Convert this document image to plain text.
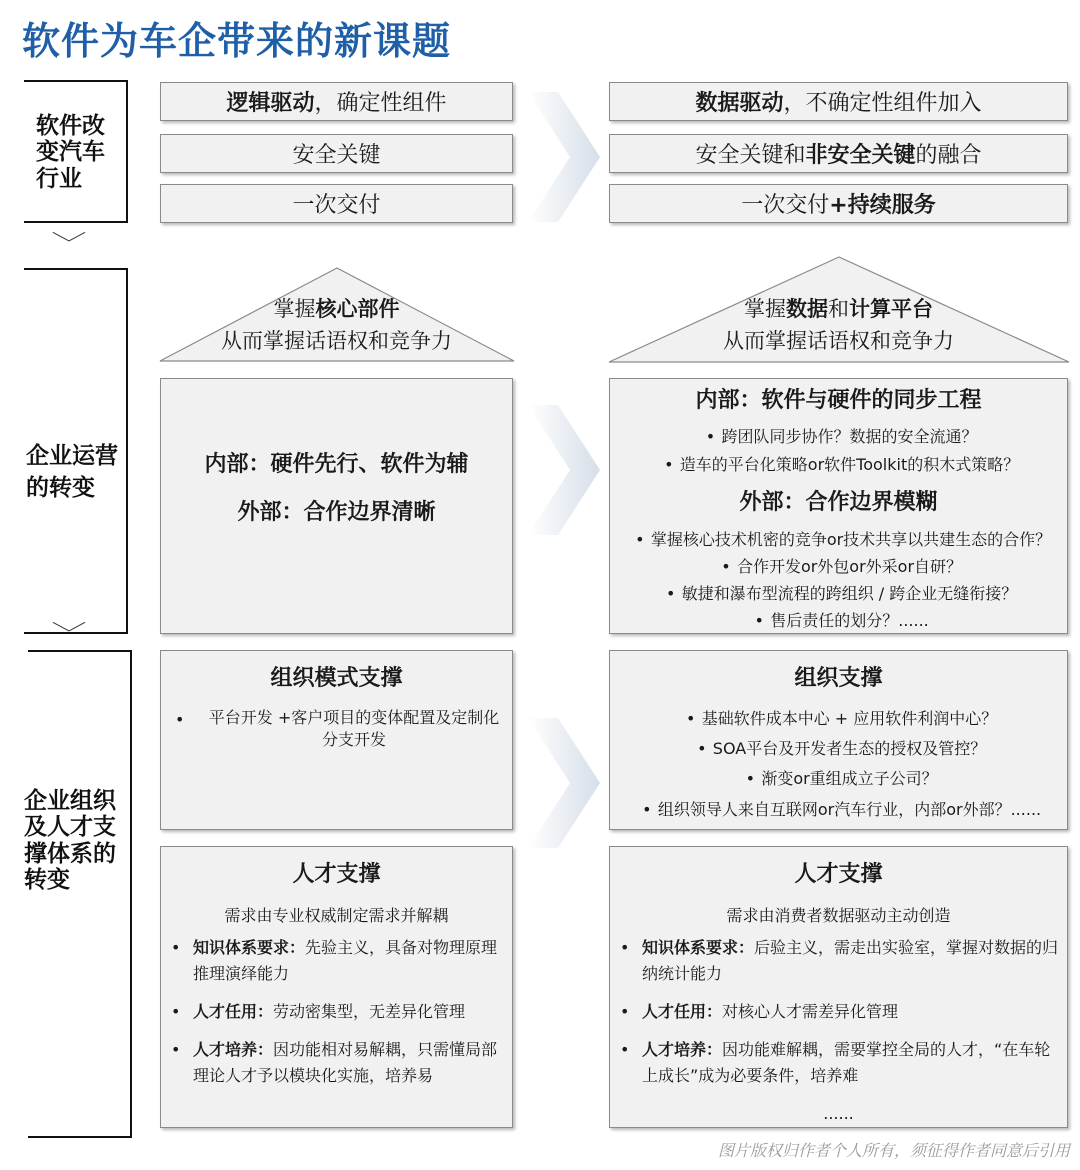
软件为车企带来的新课题
软件改变汽车行业
企业运营的转变
企业组织及人才支撑体系的转变
﹀
﹀
逻辑驱动 ，确定性组件
安全关键
一次交付
数据驱动 ，不确定性组件加入
安全关键和 非安全关键 的融合
一次交付 +持续服务
掌握核心部件
从而掌握话语权和竞争力
掌握数据和计算平台
从而掌握话语权和竞争力
内部：硬件先行、软件为辅
外部：合作边界清晰
内部：软件与硬件的同步工程
• 跨团队同步协作？数据的安全流通？
• 造车的平台化策略or软件Toolkit的积木式策略？
外部：合作边界模糊
• 掌握核心技术机密的竞争or技术共享以共建生态的合作？
• 合作开发or外包or外采or自研？
• 敏捷和瀑布型流程的跨组织 / 跨企业无缝衔接？
• 售后责任的划分？......
组织模式支撑
•	平台开发 +客户项目的变体配置及定制化分支开发
组织支撑
• 基础软件成本中心 + 应用软件利润中心？
• SOA平台及开发者生态的授权及管控？
• 渐变or重组成立子公司？
• 组织领导人来自互联网or汽车行业，内部or外部？......
人才支撑
需求由专业权威制定需求并解耦
• 知识体系要求：先验主义，具备对物理原理推理演绎能力
• 人才任用：劳动密集型，无差异化管理
• 人才培养：因功能相对易解耦，只需懂局部理论人才予以模块化实施，培养易
人才支撑
需求由消费者数据驱动主动创造
• 知识体系要求：后验主义，需走出实验室，掌握对数据的归纳统计能力
• 人才任用：对核心人才需差异化管理
• 人才培养：因功能难解耦，需要掌控全局的人才，“在车轮上成长”成为必要条件，培养难
......
图片版权归作者个人所有，须征得作者同意后引用
